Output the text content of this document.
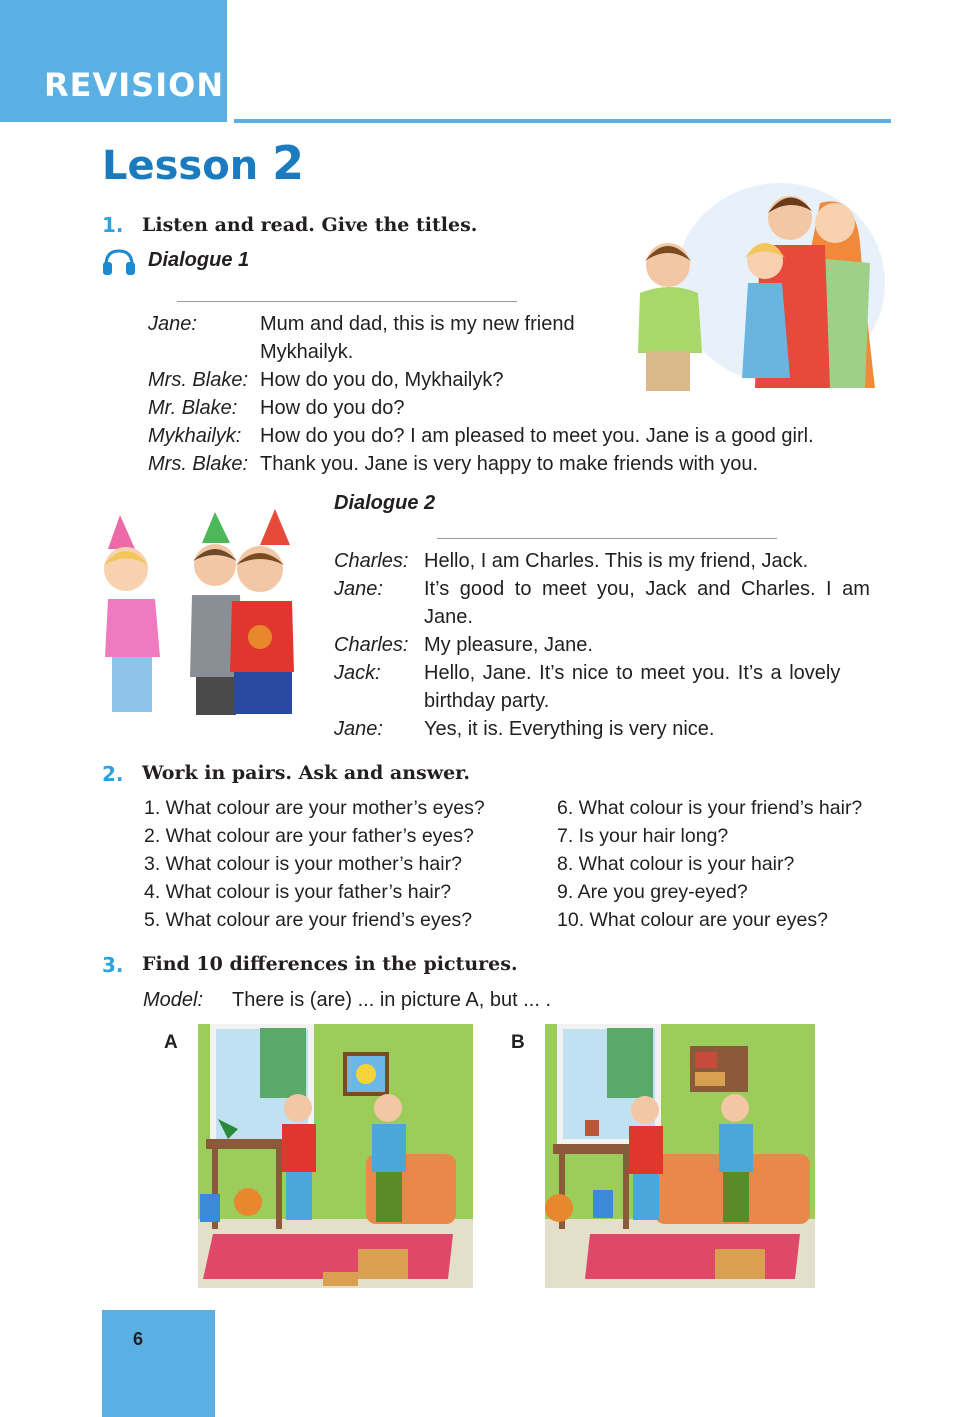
REVISION
Lesson 2
1. Listen and read. Give the titles.
Dialogue 1
Jane:	Mum and dad, this is my new friend
Mykhailyk.
Mrs. Blake: How do you do, Mykhailyk?
Mr. Blake: How do you do?
Mykhailyk: How do you do? I am pleased to meet you. Jane is a good girl.
Mrs. Blake: Thank you. Jane is very happy to make friends with you.
Dialogue 2
Charles: Hello, I am Charles. This is my friend, Jack.
Jane: It’s good to meet you, Jack and Charles. I am
Jane.
Charles: My pleasure, Jane.
Jack: Hello, Jane. It’s nice to meet you. It’s a lovely
birthday party.
Jane: Yes, it is. Everything is very nice.
2. Work in pairs. Ask and answer.
1. What colour are your mother’s eyes?
2. What colour are your father’s eyes?
3. What colour is your mother’s hair?
4. What colour is your father’s hair?
5. What colour are your friend’s eyes?
6. What colour is your friend’s hair?
7. Is your hair long?
8. What colour is your hair?
9. Are you grey-eyed?
10. What colour are your eyes?
3. Find 10 differences in the pictures.
Model: There is (are) ... in picture A, but ... .
A	B
6
